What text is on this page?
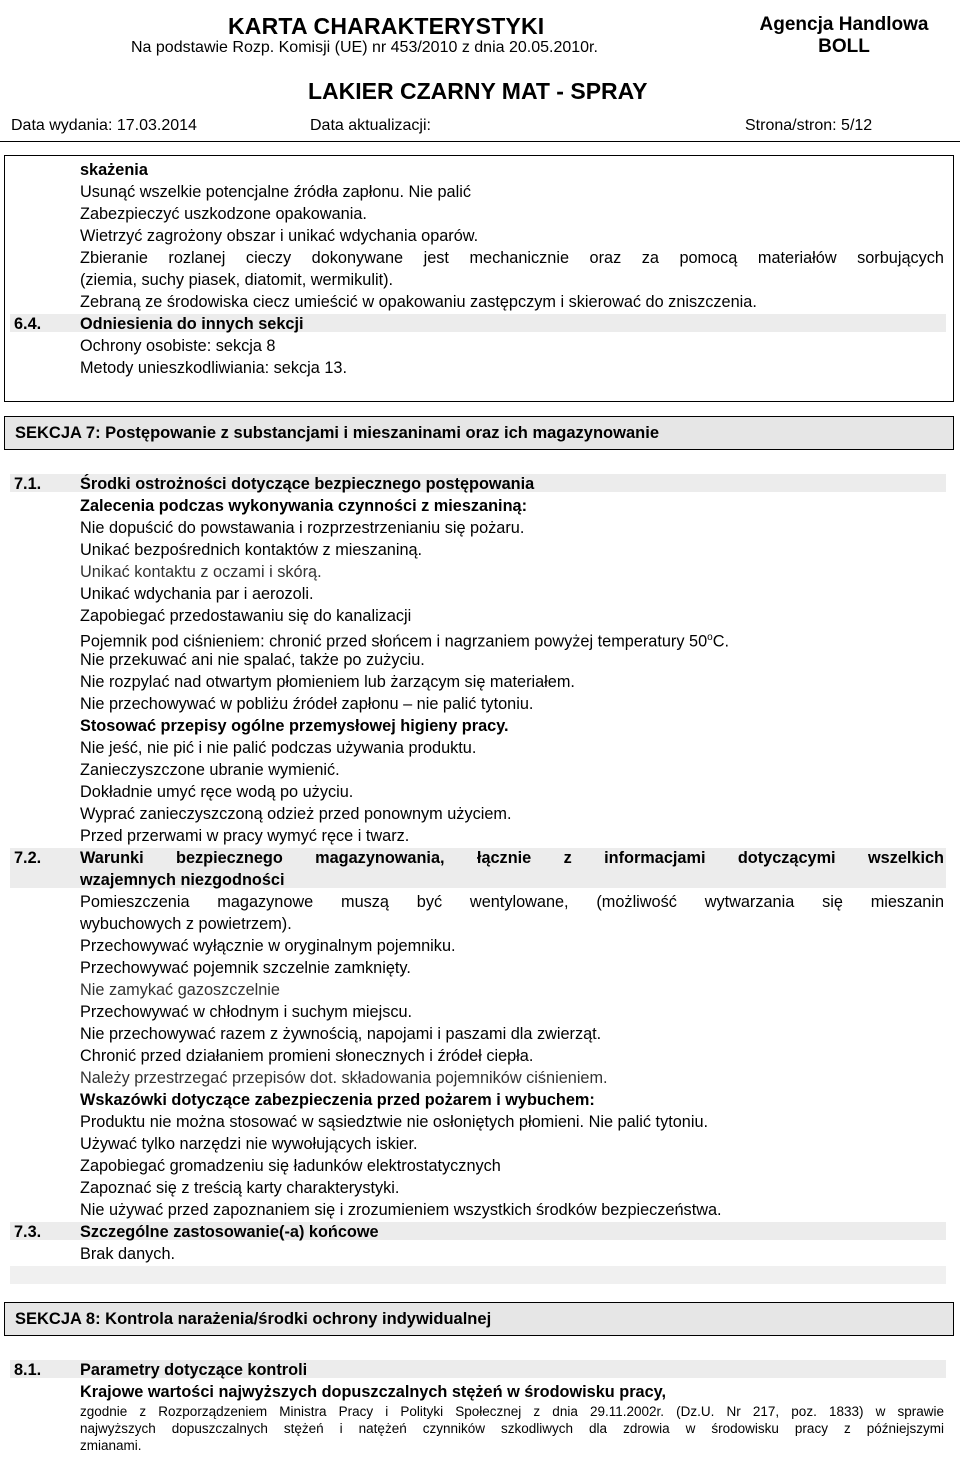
KARTA CHARAKTERYSTYKI
Na podstawie Rozp. Komisji (UE) nr 453/2010 z dnia 20.05.2010r.
Agencja Handlowa
BOLL
LAKIER CZARNY MAT - SPRAY
Data wydania: 17.03.2014	Data aktualizacji:	Strona/stron: 5/12
skażenia
Usunąć wszelkie potencjalne źródła zapłonu. Nie palić
Zabezpieczyć uszkodzone opakowania.
Wietrzyć zagrożony obszar i unikać wdychania oparów.
Zbieranie rozlanej cieczy dokonywane jest mechanicznie oraz za pomocą materiałów sorbujących
(ziemia, suchy piasek, diatomit, wermikulit).
Zebraną ze środowiska ciecz umieścić w opakowaniu zastępczym i skierować do zniszczenia.
6.4. Odniesienia do innych sekcji
Ochrony osobiste: sekcja 8
Metody unieszkodliwiania: sekcja 13.
SEKCJA 7: Postępowanie z substancjami i mieszaninami oraz ich magazynowanie
7.1. Środki ostrożności dotyczące bezpiecznego postępowania
Zalecenia podczas wykonywania czynności z mieszaniną:
Nie dopuścić do powstawania i rozprzestrzenianiu się pożaru.
Unikać bezpośrednich kontaktów z mieszaniną.
Unikać kontaktu z oczami i skórą.
Unikać wdychania par i aerozoli.
Zapobiegać przedostawaniu się do kanalizacji
Pojemnik pod ciśnieniem: chronić przed słońcem i nagrzaniem powyżej temperatury 50$^o$C.
Nie przekuwać ani nie spalać, także po zużyciu.
Nie rozpylać nad otwartym płomieniem lub żarzącym się materiałem.
Nie przechowywać w pobliżu źródeł zapłonu – nie palić tytoniu.
Stosować przepisy ogólne przemysłowej higieny pracy.
Nie jeść, nie pić i nie palić podczas używania produktu.
Zanieczyszczone ubranie wymienić.
Dokładnie umyć ręce wodą po użyciu.
Wyprać zanieczyszczoną odzież przed ponownym użyciem.
Przed przerwami w pracy wymyć ręce i twarz.
7.2. Warunki bezpiecznego magazynowania, łącznie z informacjami dotyczącymi wszelkich
wzajemnych niezgodności
Pomieszczenia magazynowe muszą być wentylowane, (możliwość wytwarzania się mieszanin
wybuchowych z powietrzem).
Przechowywać wyłącznie w oryginalnym pojemniku.
Przechowywać pojemnik szczelnie zamknięty.
Nie zamykać gazoszczelnie
Przechowywać w chłodnym i suchym miejscu.
Nie przechowywać razem z żywnością, napojami i paszami dla zwierząt.
Chronić przed działaniem promieni słonecznych i źródeł ciepła.
Należy przestrzegać przepisów dot. składowania pojemników ciśnieniem.
Wskazówki dotyczące zabezpieczenia przed pożarem i wybuchem:
Produktu nie można stosować w sąsiedztwie nie osłoniętych płomieni. Nie palić tytoniu.
Używać tylko narzędzi nie wywołujących iskier.
Zapobiegać gromadzeniu się ładunków elektrostatycznych
Zapoznać się z treścią karty charakterystyki.
Nie używać przed zapoznaniem się i zrozumieniem wszystkich środków bezpieczeństwa.
7.3. Szczególne zastosowanie(-a) końcowe
Brak danych.
SEKCJA 8: Kontrola narażenia/środki ochrony indywidualnej
8.1. Parametry dotyczące kontroli
Krajowe wartości najwyższych dopuszczalnych stężeń w środowisku pracy,
zgodnie z Rozporządzeniem Ministra Pracy i Polityki Społecznej z dnia 29.11.2002r. (Dz.U. Nr 217, poz. 1833) w sprawie
najwyższych dopuszczalnych stężeń i natężeń czynników szkodliwych dla zdrowia w środowisku pracy z późniejszymi
zmianami.
